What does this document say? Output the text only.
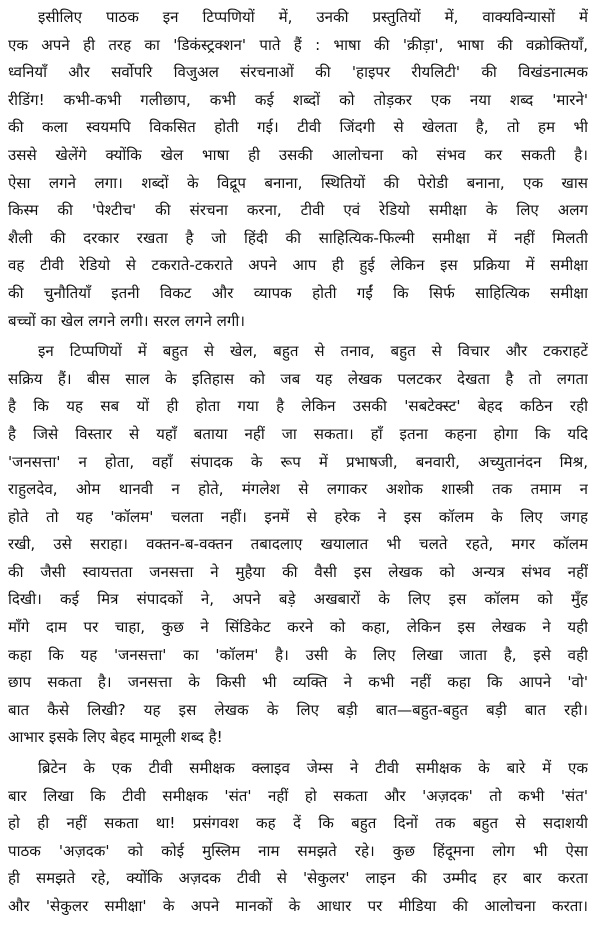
इसीलिए पाठक इन टिप्पणियों में, उनकी प्रस्तुतियों में, वाक्यविन्यासों में
एक अपने ही तरह का 'डिकंस्ट्रक्शन' पाते हैं : भाषा की 'क्रीड़ा', भाषा की वक्रोक्तियाँ,
ध्वनियाँ और सर्वोपरि विजुअल संरचनाओं की 'हाइपर रीयलिटी' की विखंडनात्मक
रीडिंग! कभी-कभी गलीछाप, कभी कई शब्दों को तोड़कर एक नया शब्द 'मारने'
की कला स्वयमपि विकसित होती गई। टीवी जिंदगी से खेलता है, तो हम भी
उससे खेलेंगे क्योंकि खेल भाषा ही उसकी आलोचना को संभव कर सकती है।
ऐसा लगने लगा। शब्दों के विद्रूप बनाना, स्थितियों की पेरोडी बनाना, एक खास
किस्म की 'पेश्टीच' की संरचना करना, टीवी एवं रेडियो समीक्षा के लिए अलग
शैली की दरकार रखता है जो हिंदी की साहित्यिक-फिल्मी समीक्षा में नहीं मिलती
वह टीवी रेडियो से टकराते-टकराते अपने आप ही हुई लेकिन इस प्रक्रिया में समीक्षा
की चुनौतियाँ इतनी विकट और व्यापक होती गईं कि सिर्फ साहित्यिक समीक्षा
बच्चों का खेल लगने लगी। सरल लगने लगी।
इन टिप्पणियों में बहुत से खेल, बहुत से तनाव, बहुत से विचार और टकराहटें
सक्रिय हैं। बीस साल के इतिहास को जब यह लेखक पलटकर देखता है तो लगता
है कि यह सब यों ही होता गया है लेकिन उसकी 'सबटेक्स्ट' बेहद कठिन रही
है जिसे विस्तार से यहाँ बताया नहीं जा सकता। हाँ इतना कहना होगा कि यदि
'जनसत्ता' न होता, वहाँ संपादक के रूप में प्रभाषजी, बनवारी, अच्युतानंदन मिश्र,
राहुलदेव, ओम थानवी न होते, मंगलेश से लगाकर अशोक शास्त्री तक तमाम न
होते तो यह 'कॉलम' चलता नहीं। इनमें से हरेक ने इस कॉलम के लिए जगह
रखी, उसे सराहा। वक्तन-ब-वक्तन तबादलाए खयालात भी चलते रहते, मगर कॉलम
की जैसी स्वायत्तता जनसत्ता ने मुहैया की वैसी इस लेखक को अन्यत्र संभव नहीं
दिखी। कई मित्र संपादकों ने, अपने बड़े अखबारों के लिए इस कॉलम को मुँह
माँगे दाम पर चाहा, कुछ ने सिंडिकेट करने को कहा, लेकिन इस लेखक ने यही
कहा कि यह 'जनसत्ता' का 'कॉलम' है। उसी के लिए लिखा जाता है, इसे वही
छाप सकता है। जनसत्ता के किसी भी व्यक्ति ने कभी नहीं कहा कि आपने 'वो'
बात कैसे लिखी? यह इस लेखक के लिए बड़ी बात—बहुत-बहुत बड़ी बात रही।
आभार इसके लिए बेहद मामूली शब्द है!
ब्रिटेन के एक टीवी समीक्षक क्लाइव जेम्स ने टीवी समीक्षक के बारे में एक
बार लिखा कि टीवी समीक्षक 'संत' नहीं हो सकता और 'अज़दक' तो कभी 'संत'
हो ही नहीं सकता था! प्रसंगवश कह दें कि बहुत दिनों तक बहुत से सदाशयी
पाठक 'अज़दक' को कोई मुस्लिम नाम समझते रहे। कुछ हिंदूमना लोग भी ऐसा
ही समझते रहे, क्योंकि अज़दक टीवी से 'सेकुलर' लाइन की उम्मीद हर बार करता
और 'सेकुलर समीक्षा' के अपने मानकों के आधार पर मीडिया की आलोचना करता।
